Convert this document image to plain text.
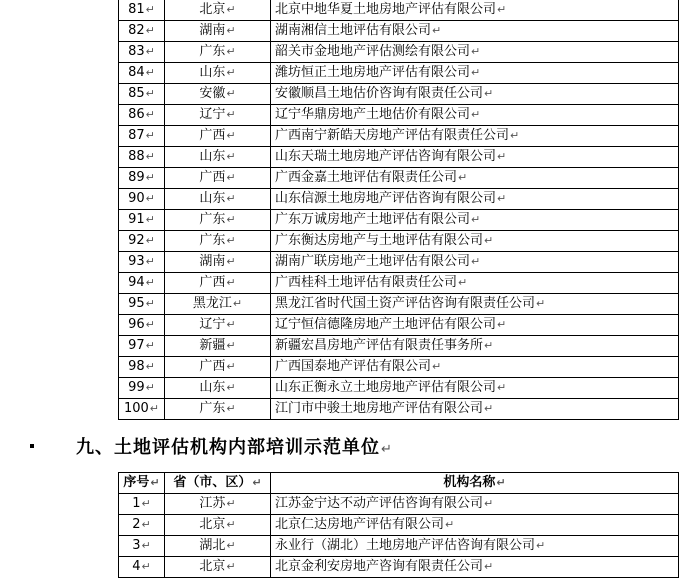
81↵	北京↵	北京中地华夏土地房地产评估有限公司↵
82↵	湖南↵	湖南湘信土地评估有限公司↵
83↵	广东↵	韶关市金地地产评估测绘有限公司↵
84↵	山东↵	潍坊恒正土地房地产评估有限公司↵
85↵	安徽↵	安徽顺昌土地估价咨询有限责任公司↵
86↵	辽宁↵	辽宁华鼎房地产土地估价有限公司↵
87↵	广西↵	广西南宁新皓天房地产评估有限责任公司↵
88↵	山东↵	山东天瑞土地房地产评估咨询有限公司↵
89↵	广西↵	广西金嘉土地评估有限责任公司↵
90↵	山东↵	山东信源土地房地产评估咨询有限公司↵
91↵	广东↵	广东万诚房地产土地评估有限公司↵
92↵	广东↵	广东衡达房地产与土地评估有限公司↵
93↵	湖南↵	湖南广联房地产土地评估有限公司↵
94↵	广西↵	广西桂科土地评估有限责任公司↵
95↵	黑龙江↵	黑龙江省时代国土资产评估咨询有限责任公司↵
96↵	辽宁↵	辽宁恒信德隆房地产土地评估有限公司↵
97↵	新疆↵	新疆宏昌房地产评估有限责任事务所↵
98↵	广西↵	广西国泰地产评估有限公司↵
99↵	山东↵	山东正衡永立土地房地产评估有限公司↵
100↵	广东↵	江门市中骏土地房地产评估有限公司↵
九、土地评估机构内部培训示范单位↵
序号↵	省（市、区）↵	机构名称↵
1↵	江苏↵	江苏金宁达不动产评估咨询有限公司↵
2↵	北京↵	北京仁达房地产评估有限公司↵
3↵	湖北↵	永业行（湖北）土地房地产评估咨询有限公司↵
4↵	北京↵	北京金利安房地产咨询有限责任公司↵
